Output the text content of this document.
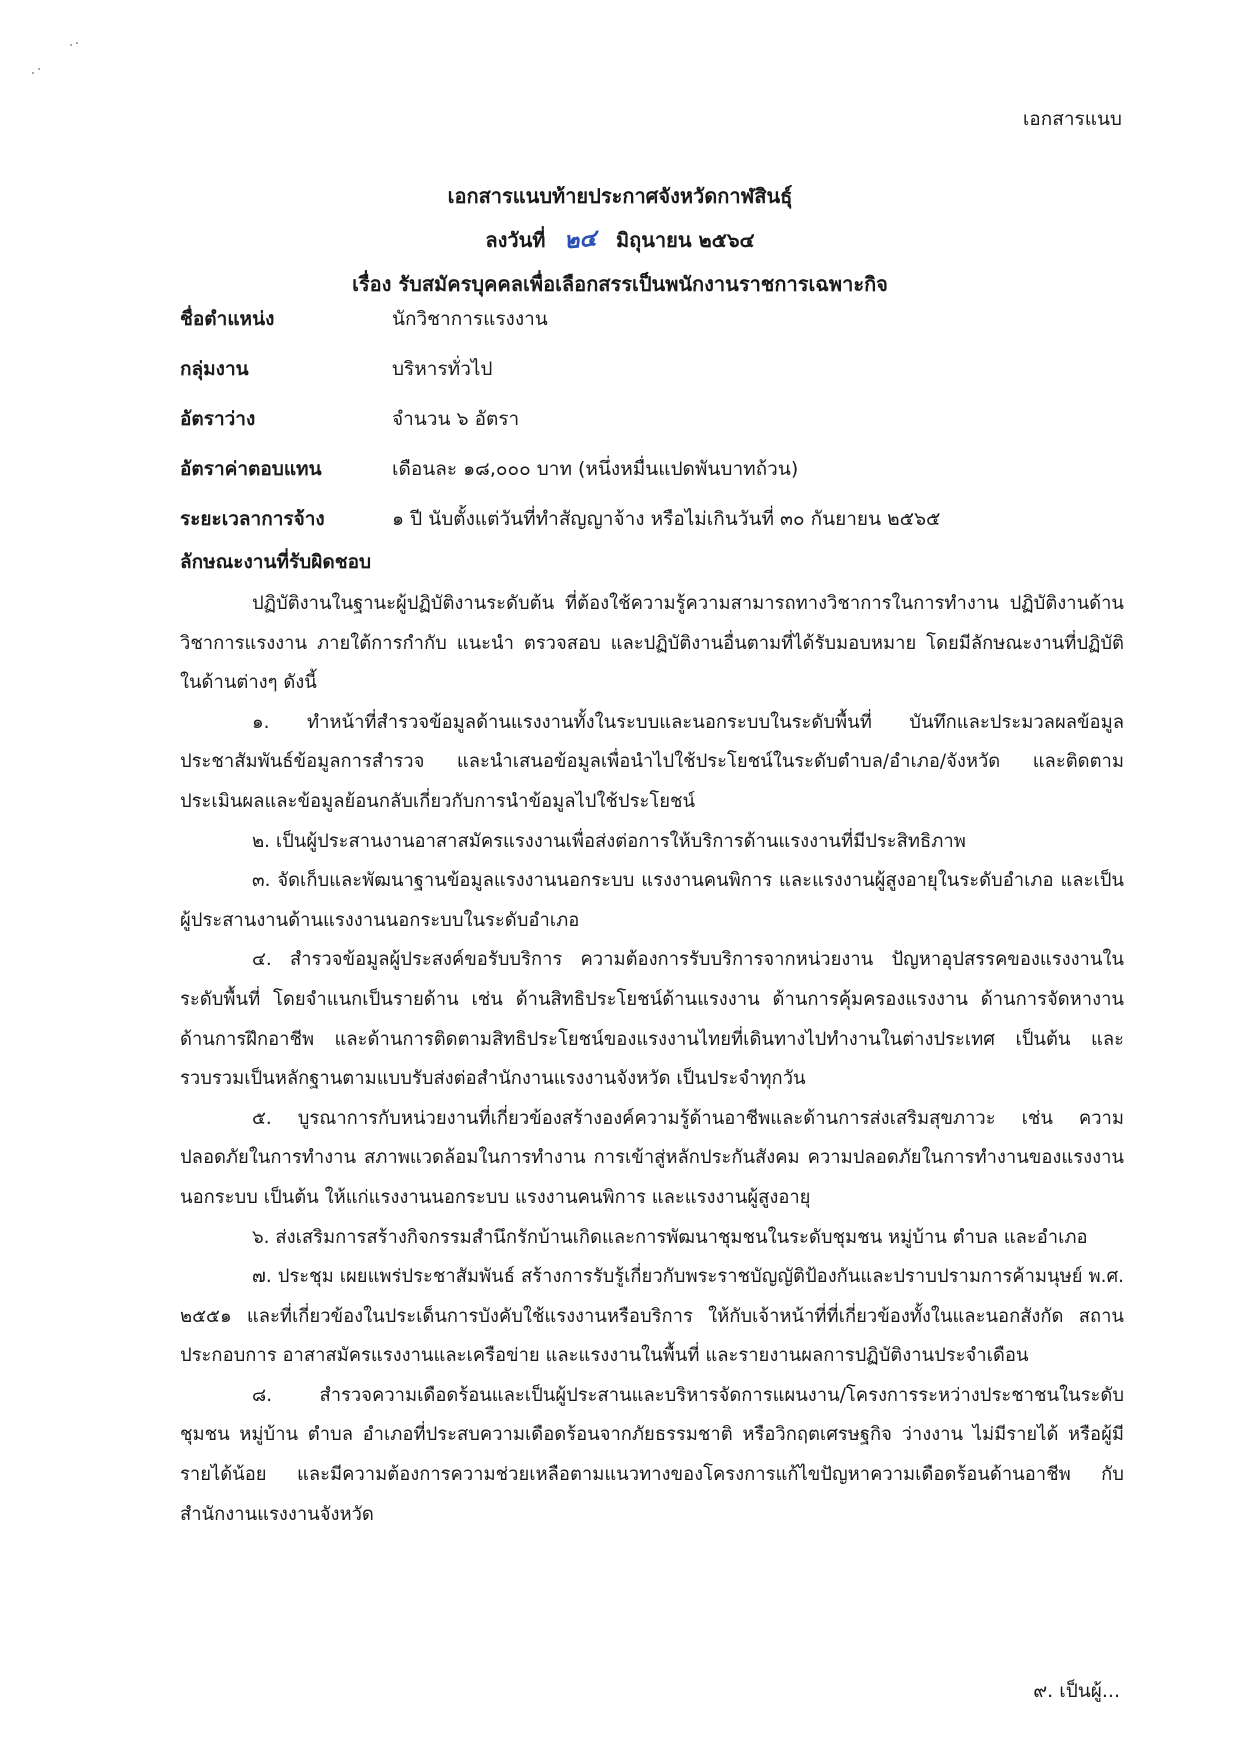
เอกสารแนบ
เอกสารแนบท้ายประกาศจังหวัดกาฬสินธุ์
ลงวันที่ ๒๔ มิถุนายน ๒๕๖๔
เรื่อง รับสมัครบุคคลเพื่อเลือกสรรเป็นพนักงานราชการเฉพาะกิจ
ชื่อตำแหน่ง	นักวิชาการแรงงาน
กลุ่มงาน	บริหารทั่วไป
อัตราว่าง	จำนวน ๖ อัตรา
อัตราค่าตอบแทน	เดือนละ ๑๘,๐๐๐ บาท (หนึ่งหมื่นแปดพันบาทถ้วน)
ระยะเวลาการจ้าง	๑ ปี นับตั้งแต่วันที่ทำสัญญาจ้าง หรือไม่เกินวันที่ ๓๐ กันยายน ๒๕๖๕
ลักษณะงานที่รับผิดชอบ

ปฏิบัติงานในฐานะผู้ปฏิบัติงานระดับต้น ที่ต้องใช้ความรู้ความสามารถทางวิชาการในการทำงาน ปฏิบัติงานด้านวิชาการแรงงาน ภายใต้การกำกับ แนะนำ ตรวจสอบ และปฏิบัติงานอื่นตามที่ได้รับมอบหมาย โดยมีลักษณะงานที่ปฏิบัติในด้านต่างๆ ดังนี้

๑. ทำหน้าที่สำรวจข้อมูลด้านแรงงานทั้งในระบบและนอกระบบในระดับพื้นที่ บันทึกและประมวลผลข้อมูล ประชาสัมพันธ์ข้อมูลการสำรวจ และนำเสนอข้อมูลเพื่อนำไปใช้ประโยชน์ในระดับตำบล/อำเภอ/จังหวัด และติดตามประเมินผลและข้อมูลย้อนกลับเกี่ยวกับการนำข้อมูลไปใช้ประโยชน์

๒. เป็นผู้ประสานงานอาสาสมัครแรงงานเพื่อส่งต่อการให้บริการด้านแรงงานที่มีประสิทธิภาพ

๓. จัดเก็บและพัฒนาฐานข้อมูลแรงงานนอกระบบ แรงงานคนพิการ และแรงงานผู้สูงอายุในระดับอำเภอ และเป็นผู้ประสานงานด้านแรงงานนอกระบบในระดับอำเภอ

๔. สำรวจข้อมูลผู้ประสงค์ขอรับบริการ ความต้องการรับบริการจากหน่วยงาน ปัญหาอุปสรรคของแรงงานในระดับพื้นที่ โดยจำแนกเป็นรายด้าน เช่น ด้านสิทธิประโยชน์ด้านแรงงาน ด้านการคุ้มครองแรงงาน ด้านการจัดหางาน ด้านการฝึกอาชีพ และด้านการติดตามสิทธิประโยชน์ของแรงงานไทยที่เดินทางไปทำงานในต่างประเทศ เป็นต้น และรวบรวมเป็นหลักฐานตามแบบรับส่งต่อสำนักงานแรงงานจังหวัด เป็นประจำทุกวัน

๕. บูรณาการกับหน่วยงานที่เกี่ยวข้องสร้างองค์ความรู้ด้านอาชีพและด้านการส่งเสริมสุขภาวะ เช่น ความปลอดภัยในการทำงาน สภาพแวดล้อมในการทำงาน การเข้าสู่หลักประกันสังคม ความปลอดภัยในการทำงานของแรงงานนอกระบบ เป็นต้น ให้แก่แรงงานนอกระบบ แรงงานคนพิการ และแรงงานผู้สูงอายุ

๖. ส่งเสริมการสร้างกิจกรรมสำนึกรักบ้านเกิดและการพัฒนาชุมชนในระดับชุมชน หมู่บ้าน ตำบล และอำเภอ

๗. ประชุม เผยแพร่ประชาสัมพันธ์ สร้างการรับรู้เกี่ยวกับพระราชบัญญัติป้องกันและปราบปรามการค้ามนุษย์ พ.ศ. ๒๕๕๑ และที่เกี่ยวข้องในประเด็นการบังคับใช้แรงงานหรือบริการ ให้กับเจ้าหน้าที่ที่เกี่ยวข้องทั้งในและนอกสังกัด สถานประกอบการ อาสาสมัครแรงงานและเครือข่าย และแรงงานในพื้นที่ และรายงานผลการปฏิบัติงานประจำเดือน

๘. สำรวจความเดือดร้อนและเป็นผู้ประสานและบริหารจัดการแผนงาน/โครงการระหว่างประชาชนในระดับชุมชน หมู่บ้าน ตำบล อำเภอที่ประสบความเดือดร้อนจากภัยธรรมชาติ หรือวิกฤตเศรษฐกิจ ว่างงาน ไม่มีรายได้ หรือผู้มีรายได้น้อย และมีความต้องการความช่วยเหลือตามแนวทางของโครงการแก้ไขปัญหาความเดือดร้อนด้านอาชีพ กับสำนักงานแรงงานจังหวัด

๙. เป็นผู้...
